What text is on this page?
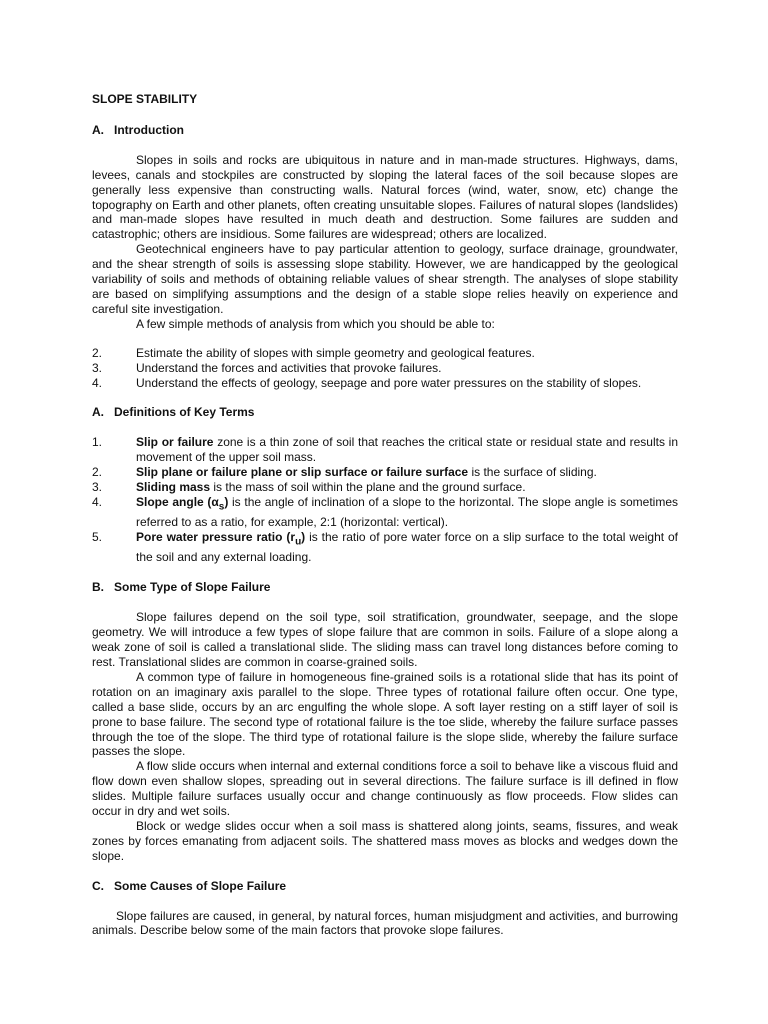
SLOPE STABILITY
A. Introduction

Slopes in soils and rocks are ubiquitous in nature and in man-made structures. Highways, dams, levees, canals and stockpiles are constructed by sloping the lateral faces of the soil because slopes are generally less expensive than constructing walls. Natural forces (wind, water, snow, etc) change the topography on Earth and other planets, often creating unsuitable slopes. Failures of natural slopes (landslides) and man-made slopes have resulted in much death and destruction. Some failures are sudden and catastrophic; others are insidious. Some failures are widespread; others are localized.

Geotechnical engineers have to pay particular attention to geology, surface drainage, groundwater, and the shear strength of soils is assessing slope stability. However, we are handicapped by the geological variability of soils and methods of obtaining reliable values of shear strength. The analyses of slope stability are based on simplifying assumptions and the design of a stable slope relies heavily on experience and careful site investigation.

A few simple methods of analysis from which you should be able to:

2.	Estimate the ability of slopes with simple geometry and geological features.
3.	Understand the forces and activities that provoke failures.
4.	Understand the effects of geology, seepage and pore water pressures on the stability of slopes.
A. Definitions of Key Terms
1.	Slip or failure zone is a thin zone of soil that reaches the critical state or residual state and results in movement of the upper soil mass.
2.	Slip plane or failure plane or slip surface or failure surface is the surface of sliding.
3.	Sliding mass is the mass of soil within the plane and the ground surface.
4.	Slope angle $(\alpha_s)$ is the angle of inclination of a slope to the horizontal. The slope angle is sometimes referred to as a ratio, for example, 2:1 (horizontal: vertical).
5.	Pore water pressure ratio $(r_u)$ is the ratio of pore water force on a slip surface to the total weight of the soil and any external loading.
B. Some Type of Slope Failure

Slope failures depend on the soil type, soil stratification, groundwater, seepage, and the slope geometry. We will introduce a few types of slope failure that are common in soils. Failure of a slope along a weak zone of soil is called a translational slide. The sliding mass can travel long distances before coming to rest. Translational slides are common in coarse-grained soils.

A common type of failure in homogeneous fine-grained soils is a rotational slide that has its point of rotation on an imaginary axis parallel to the slope. Three types of rotational failure often occur. One type, called a base slide, occurs by an arc engulfing the whole slope. A soft layer resting on a stiff layer of soil is prone to base failure. The second type of rotational failure is the toe slide, whereby the failure surface passes through the toe of the slope. The third type of rotational failure is the slope slide, whereby the failure surface passes the slope.

A flow slide occurs when internal and external conditions force a soil to behave like a viscous fluid and flow down even shallow slopes, spreading out in several directions. The failure surface is ill defined in flow slides. Multiple failure surfaces usually occur and change continuously as flow proceeds. Flow slides can occur in dry and wet soils.

Block or wedge slides occur when a soil mass is shattered along joints, seams, fissures, and weak zones by forces emanating from adjacent soils. The shattered mass moves as blocks and wedges down the slope.

C. Some Causes of Slope Failure

Slope failures are caused, in general, by natural forces, human misjudgment and activities, and burrowing animals. Describe below some of the main factors that provoke slope failures.
